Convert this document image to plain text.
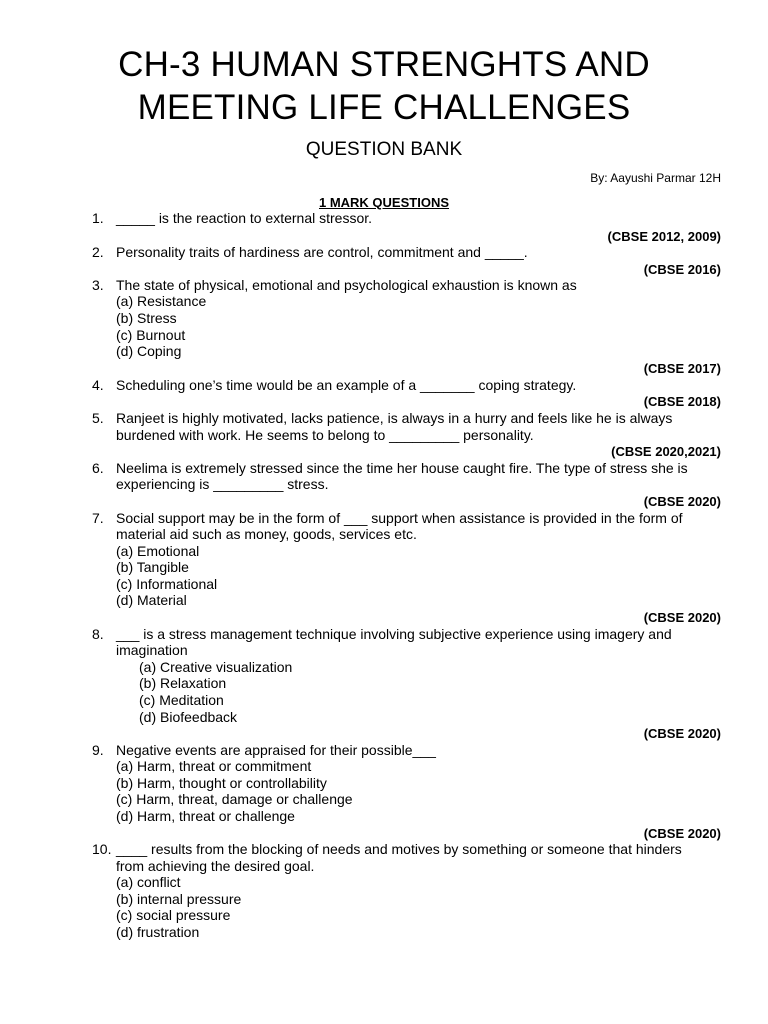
CH-3 HUMAN STRENGHTS AND
MEETING LIFE CHALLENGES
QUESTION BANK
By: Aayushi Parmar 12H
1 MARK QUESTIONS
1. _____ is the reaction to external stressor.
(CBSE 2012, 2009)
2. Personality traits of hardiness are control, commitment and _____.
(CBSE 2016)
3. The state of physical, emotional and psychological exhaustion is known as
(a) Resistance
(b) Stress
(c) Burnout
(d) Coping
(CBSE 2017)
4. Scheduling one’s time would be an example of a _______ coping strategy.
(CBSE 2018)
5. Ranjeet is highly motivated, lacks patience, is always in a hurry and feels like he is always
burdened with work. He seems to belong to _________ personality.
(CBSE 2020,2021)
6. Neelima is extremely stressed since the time her house caught fire. The type of stress she is
experiencing is _________ stress.
(CBSE 2020)
7. Social support may be in the form of ___ support when assistance is provided in the form of
material aid such as money, goods, services etc.
(a) Emotional
(b) Tangible
(c) Informational
(d) Material
(CBSE 2020)
8. ___ is a stress management technique involving subjective experience using imagery and
imagination
(a) Creative visualization
(b) Relaxation
(c) Meditation
(d) Biofeedback
(CBSE 2020)
9. Negative events are appraised for their possible___
(a) Harm, threat or commitment
(b) Harm, thought or controllability
(c) Harm, threat, damage or challenge
(d) Harm, threat or challenge
(CBSE 2020)
10. ____ results from the blocking of needs and motives by something or someone that hinders
from achieving the desired goal.
(a) conflict
(b) internal pressure
(c) social pressure
(d) frustration
